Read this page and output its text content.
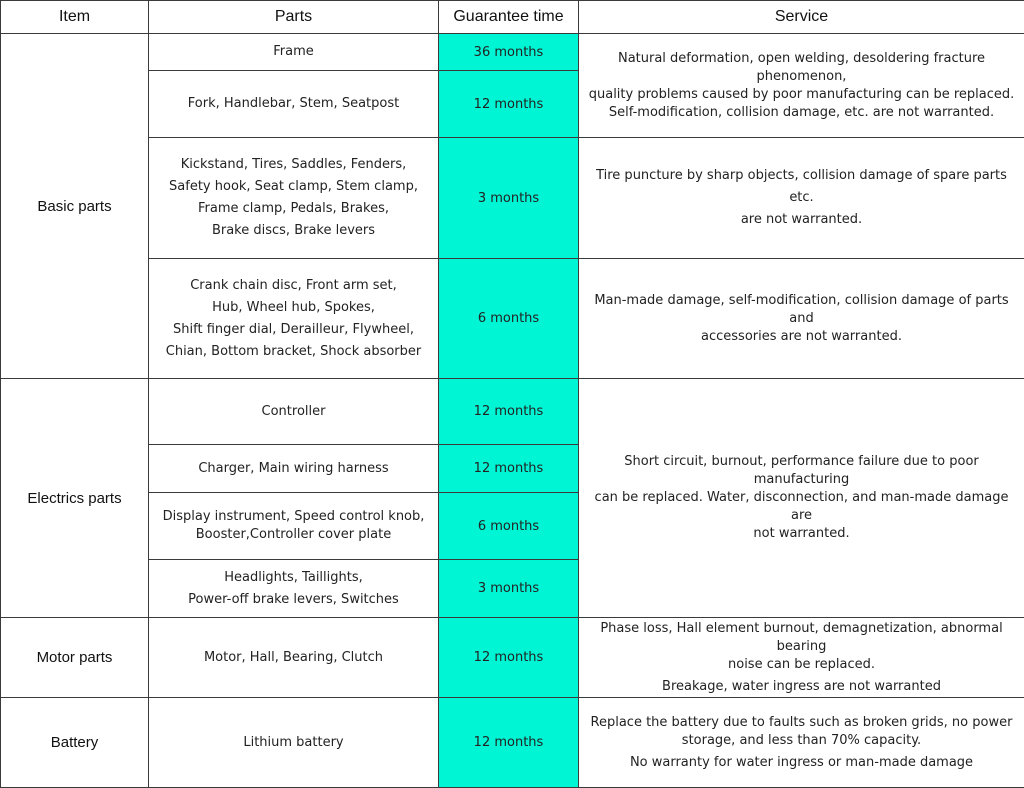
Item	Parts	Guarantee time	Service
Basic parts	Frame	36 months	Natural deformation, open welding, desoldering fracture phenomenon,
quality problems caused by poor manufacturing can be replaced.
Self-modification, collision damage, etc. are not warranted.

	Fork, Handlebar, Stem, Seatpost	12 months	

	Kickstand, Tires, Saddles, Fenders,
Safety hook, Seat clamp, Stem clamp,
Frame clamp, Pedals, Brakes,
Brake discs, Brake levers	3 months	Tire puncture by sharp objects, collision damage of spare parts etc.
are not warranted.

	Crank chain disc, Front arm set,
Hub, Wheel hub, Spokes,
Shift finger dial, Derailleur, Flywheel,
Chian, Bottom bracket, Shock absorber	6 months	Man-made damage, self-modification, collision damage of parts and
accessories are not warranted.

Electrics parts	Controller	12 months	Short circuit, burnout, performance failure due to poor manufacturing
can be replaced. Water, disconnection, and man-made damage are
not warranted.

	Charger, Main wiring harness	12 months	

	Display instrument, Speed control knob,
Booster,Controller cover plate	6 months	

	Headlights, Taillights,
Power-off brake levers, Switches	3 months	
Motor parts	Motor, Hall, Bearing, Clutch	12 months	Phase loss, Hall element burnout, demagnetization, abnormal bearing
noise can be replaced.
Breakage, water ingress are not warranted

Battery	Lithium battery	12 months	Replace the battery due to faults such as broken grids, no power
storage, and less than 70% capacity.
No warranty for water ingress or man-made damage
